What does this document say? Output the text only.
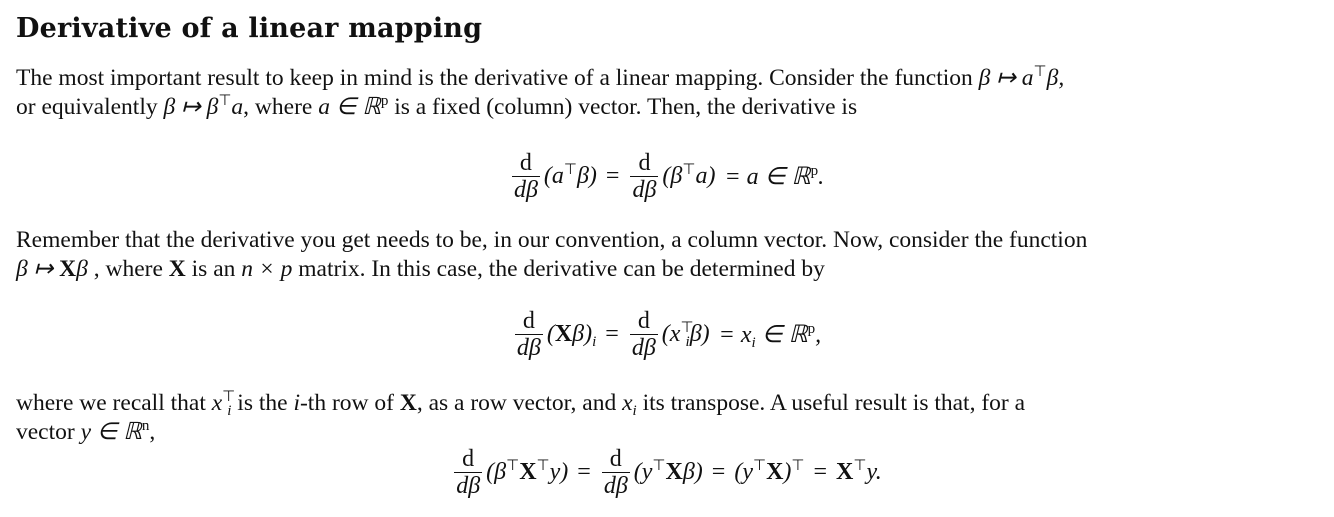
Derivative of a linear mapping

The most important result to keep in mind is the derivative of a linear mapping. Consider the function β ↦ a⊤β,
or equivalently β ↦ β⊤a, where a ∈ ℝ$^p$ is a fixed (column) vector. Then, the derivative is

$\frac{d}{d\beta} (a^⊤\beta) = \frac{d}{d\beta} (\beta^⊤a) = a$ ∈ ℝ$^p$.

Remember that the derivative you get needs to be, in our convention, a column vector. Now, consider the function
β ↦ Xβ , where X is an n × p matrix. In this case, the derivative can be determined by

$\frac{d}{d\beta} (X\beta)_i = \frac{d}{d\beta} (x^⊤_i\beta) = x_i$ ∈ ℝ$^p$,

where we recall that $x^⊤_i$ is the i-th row of X, as a row vector, and $x_i$ its transpose. A useful result is that, for a
vector y ∈ ℝ$^n$,

$\frac{d}{d\beta} (\beta^⊤X^⊤y) = \frac{d}{d\beta} (y^⊤X\beta) = (y^⊤X)^⊤ = X^⊤y$.
